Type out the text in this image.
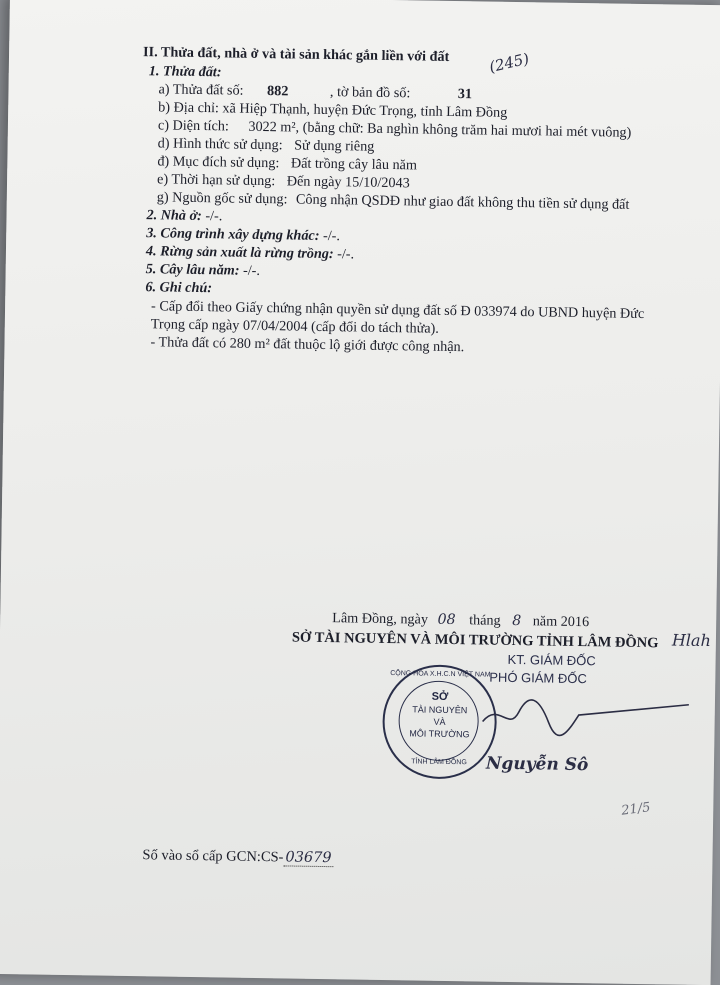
II. Thửa đất, nhà ở và tài sản khác gắn liền với đất	(245)
1. Thửa đất:
a) Thửa đất số: 882	, tờ bản đồ số:	31
b) Địa chỉ: xã Hiệp Thạnh, huyện Đức Trọng, tỉnh Lâm Đồng
c) Diện tích: 3022 m², (bằng chữ: Ba nghìn không trăm hai mươi hai mét vuông)
d) Hình thức sử dụng: Sử dụng riêng
đ) Mục đích sử dụng: Đất trồng cây lâu năm
e) Thời hạn sử dụng: Đến ngày 15/10/2043
g) Nguồn gốc sử dụng: Công nhận QSDĐ như giao đất không thu tiền sử dụng đất
2. Nhà ở: -/-.
3. Công trình xây dựng khác: -/-.
4. Rừng sản xuất là rừng trồng: -/-.
5. Cây lâu năm: -/-.
6. Ghi chú:
- Cấp đổi theo Giấy chứng nhận quyền sử dụng đất số Đ 033974 do UBND huyện Đức
Trọng cấp ngày 07/04/2004 (cấp đổi do tách thửa).
- Thửa đất có 280 m² đất thuộc lộ giới được công nhận.
Lâm Đồng, ngày 08 tháng 8 năm 2016
SỞ TÀI NGUYÊN VÀ MÔI TRƯỜNG TỈNH LÂM ĐỒNG Hlah
KT. GIÁM ĐỐC
PHÓ GIÁM ĐỐC
CỘNG HÒA X.H.C.N VIỆT NAM
SỞ
TÀI NGUYÊN
VÀ
MÔI TRƯỜNG
TỈNH LÂM ĐỒNG	Nguyễn Sô
21/5
Số vào sổ cấp GCN:CS- 03679
